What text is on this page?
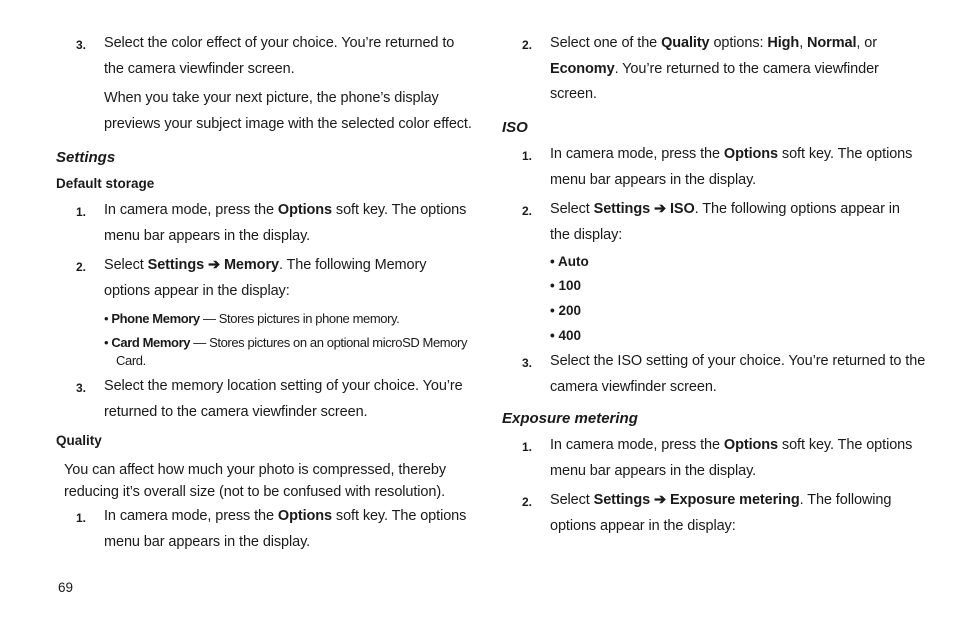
3. Select the color effect of your choice. You’re returned to
the camera viewfinder screen.
When you take your next picture, the phone’s display
previews your subject image with the selected color effect.
Settings
Default storage
1. In camera mode, press the Options soft key. The options
menu bar appears in the display.
2. Select Settings ➔ Memory. The following Memory
options appear in the display:
• Phone Memory — Stores pictures in phone memory.
• Card Memory — Stores pictures on an optional microSD Memory
Card.
3. Select the memory location setting of your choice. You’re
returned to the camera viewfinder screen.
Quality
You can affect how much your photo is compressed, thereby
reducing it’s overall size (not to be confused with resolution).
1. In camera mode, press the Options soft key. The options
menu bar appears in the display.
2. Select one of the Quality options: High, Normal, or
Economy. You’re returned to the camera viewfinder
screen.
ISO
1. In camera mode, press the Options soft key. The options
menu bar appears in the display.
2. Select Settings ➔ ISO. The following options appear in
the display:
• Auto
• 100
• 200
• 400
3. Select the ISO setting of your choice. You’re returned to the
camera viewfinder screen.
Exposure metering
1. In camera mode, press the Options soft key. The options
menu bar appears in the display.
2. Select Settings ➔ Exposure metering. The following
options appear in the display:
69
